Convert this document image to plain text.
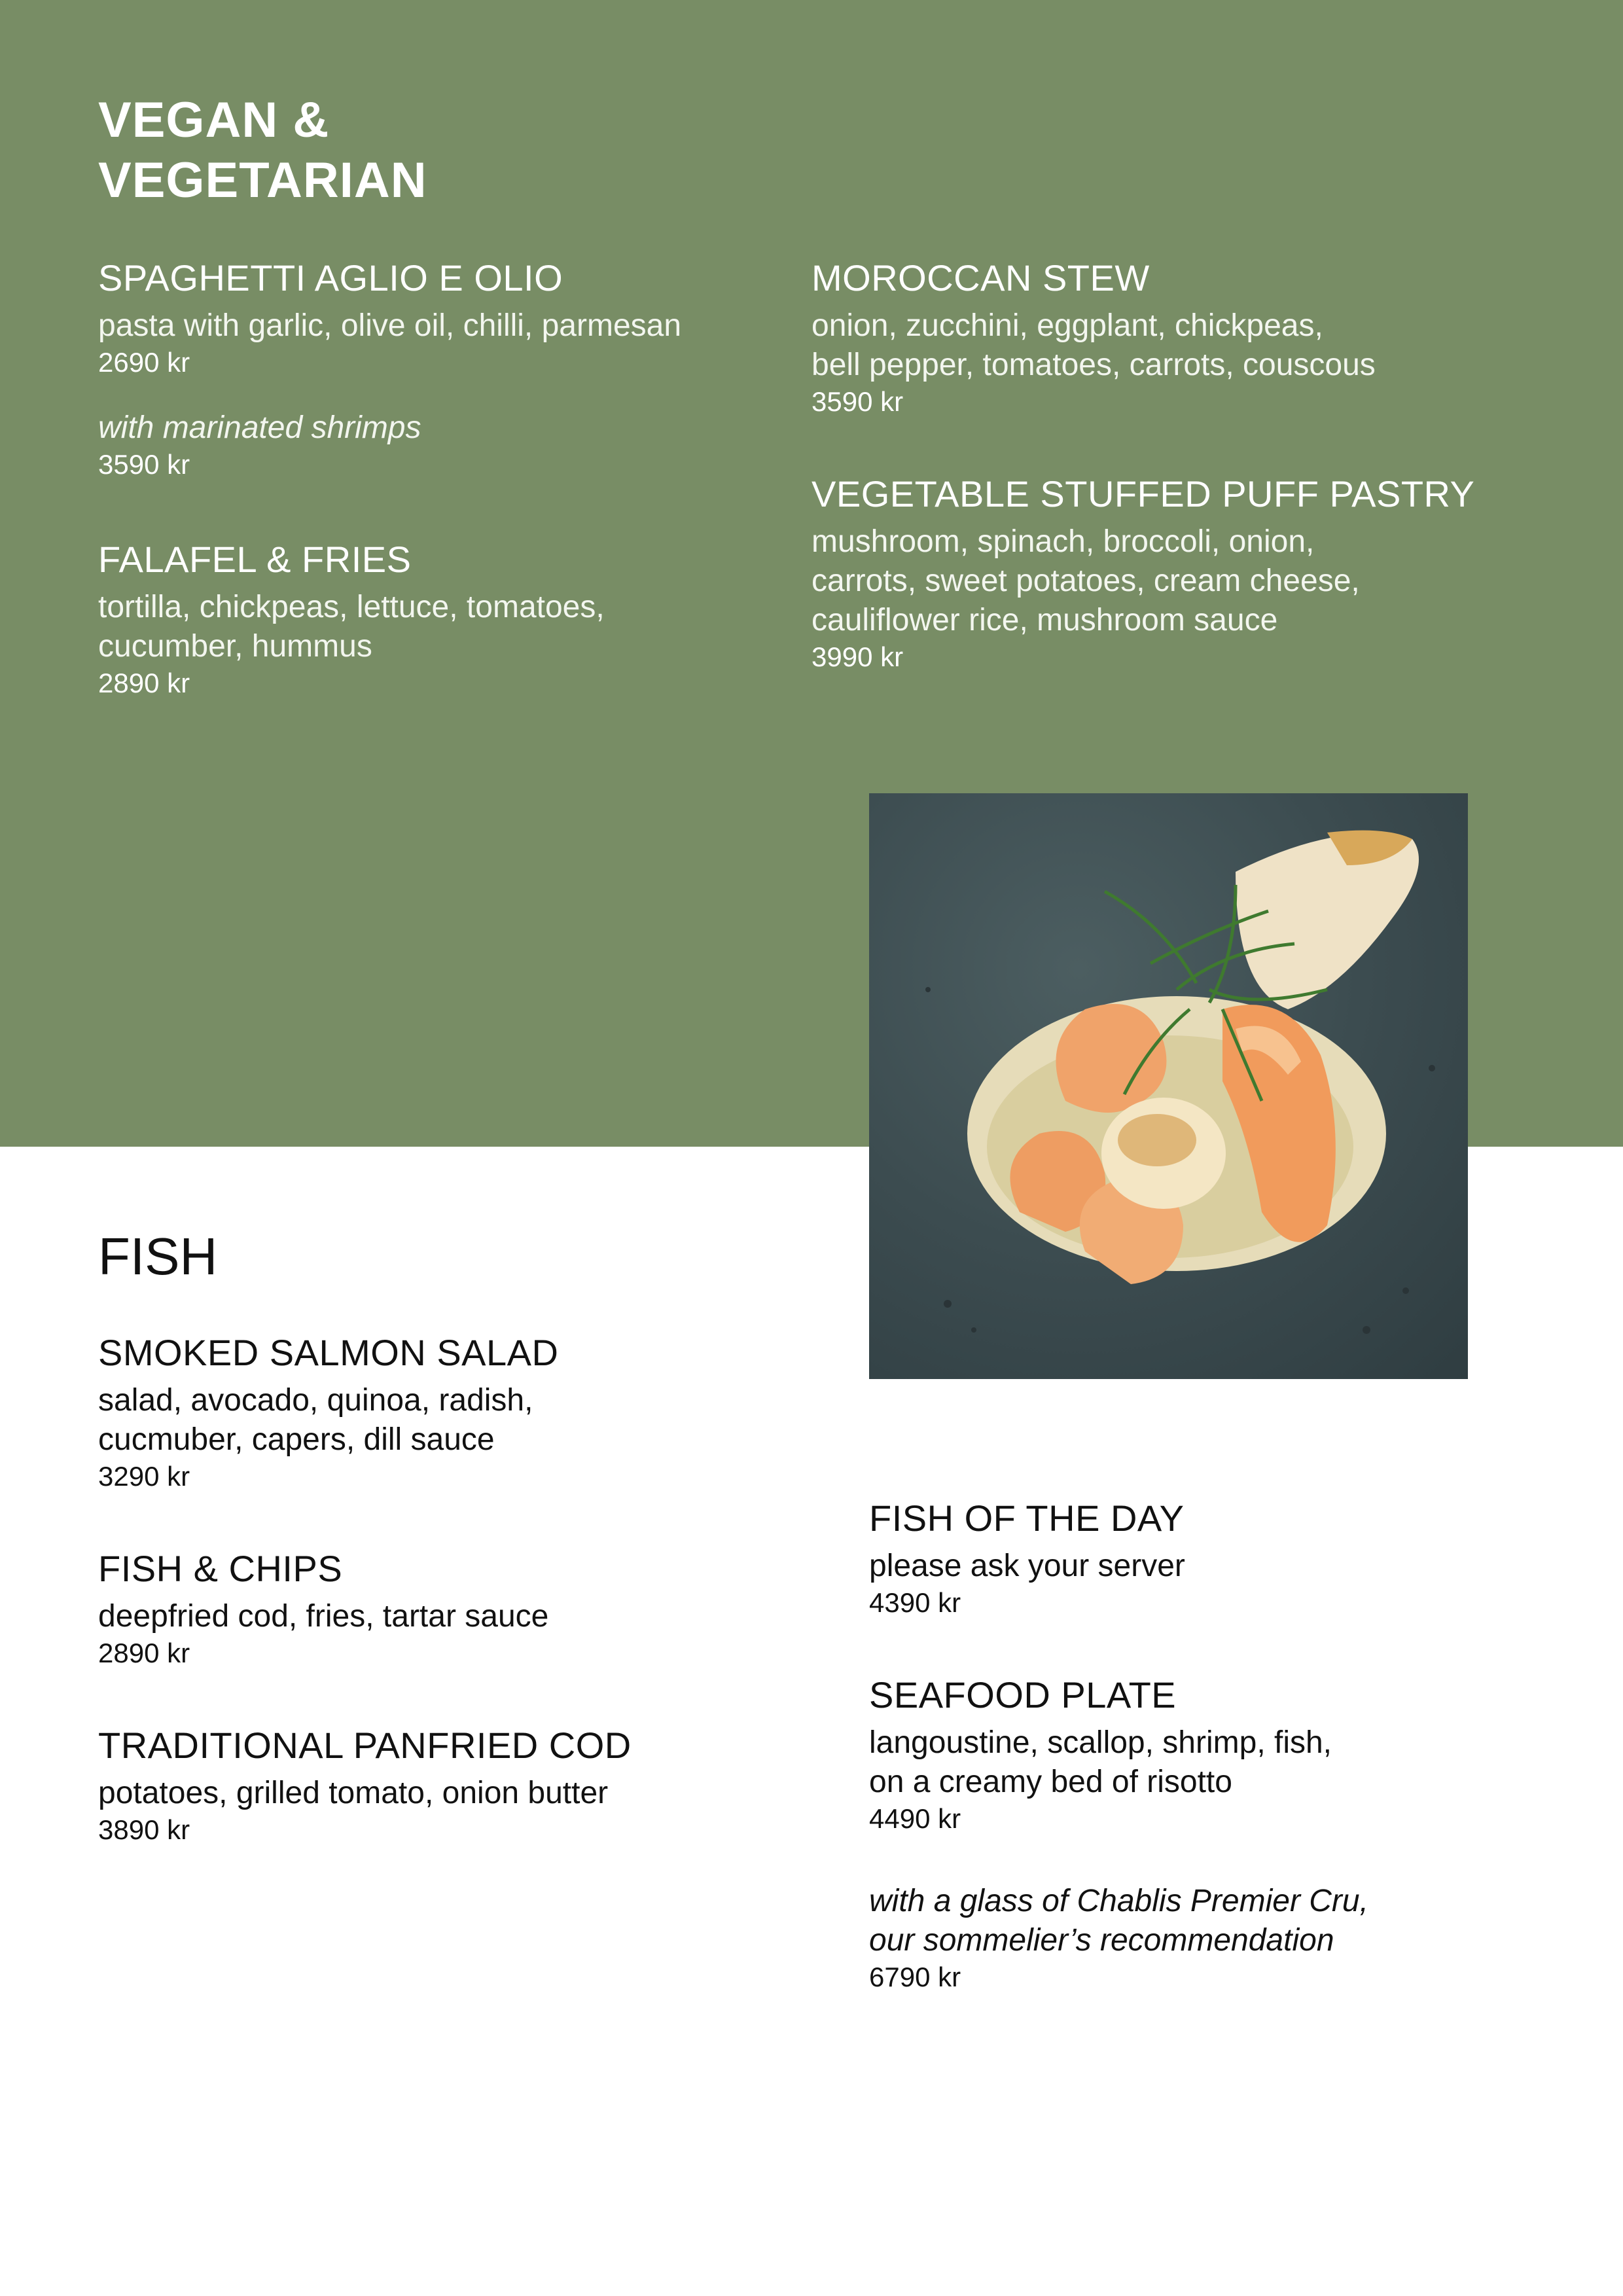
VEGAN &

VEGETARIAN

SPAGHETTI AGLIO E OLIO

pasta with garlic, olive oil, chilli, parmesan

2690 kr

with marinated shrimps

3590 kr

FALAFEL & FRIES

tortilla, chickpeas, lettuce, tomatoes,

cucumber, hummus

2890 kr

MOROCCAN STEW

onion, zucchini, eggplant, chickpeas,

bell pepper, tomatoes, carrots, couscous

3590 kr

VEGETABLE STUFFED PUFF PASTRY

mushroom, spinach, broccoli, onion,

carrots, sweet potatoes, cream cheese,

cauliflower rice, mushroom sauce

3990 kr

FISH

SMOKED SALMON SALAD

salad, avocado, quinoa, radish,

cucmuber, capers, dill sauce

3290 kr

FISH & CHIPS

deepfried cod, fries, tartar sauce

2890 kr

TRADITIONAL PANFRIED COD

potatoes, grilled tomato, onion butter

3890 kr

FISH OF THE DAY

please ask your server

4390 kr

SEAFOOD PLATE

langoustine, scallop, shrimp, fish,

on a creamy bed of risotto

4490 kr

with a glass of Chablis Premier Cru,

our sommelier’s recommendation

6790 kr
